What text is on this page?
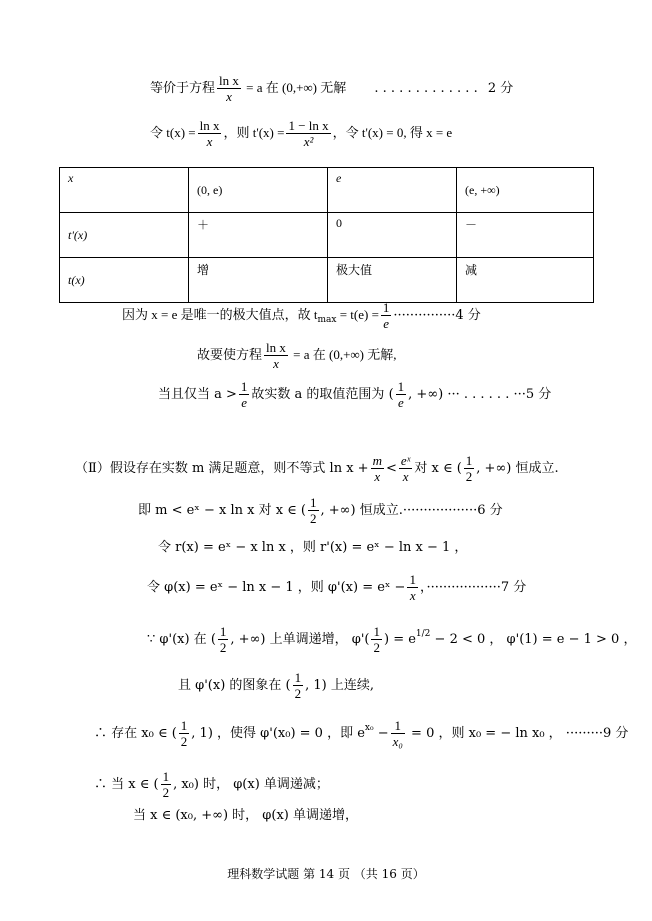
等价于方程 $\frac{\text{ln x}}{x} = a$ 在 (0,+∞) 无解 . . . . . . . . . . . . . 2 分
令 $t(x) = \frac{\text{ln x}}{x}$ ，则 $t'(x) = \frac{\text{1 − ln x}}{\text{x²}}$ ，令 t'(x) = 0, 得 x = e
x	(0, e)	e	(e, +∞)
t'(x)	＋	0	－
t(x)	增	极大值	减
因为 x = e 是唯一的极大值点，故 $t_{max} = t(e) = \frac{1}{e} \cdot\cdot\cdot\cdot\cdot\cdot\cdot\cdot\cdot\cdot\cdot\cdot\cdot\cdot\cdot 4$ 分
故要使方程 $\frac{\text{ln x}}{x} = a$ 在 (0,+∞) 无解,
当且仅当 $a > \frac{1}{e}$ 故实数 a 的取值范围为 ( $\frac{1}{e}$ , +∞) ··· . . . . . . ···5 分
（Ⅱ）假设存在实数 m 满足题意，则不等式 $\ln x + \frac{m}{x} < \frac{\text{eˣ}}{x}$ 对 x ∈ ( $\frac{1}{2}$ , +∞) 恒成立.
即 m < eˣ − x ln x 对 x ∈ ( $\frac{1}{2}$ , +∞) 恒成立.··················6 分
令 r(x) = eˣ − x ln x ，则 r'(x) = eˣ − ln x − 1 ，
令 φ(x) = eˣ − ln x − 1 ，则 φ'(x) = eˣ − $\frac{1}{x}$ ，··················7 分
∵ φ'(x) 在 ( $\frac{1}{2}$ , +∞) 上单调递增， $\varphi'( \frac{1}{2}$ ) = $e^{1/2} - 2 < 0$ ， φ'(1) = e − 1 > 0 ，
且 φ'(x) 的图象在 ( $\frac{1}{2}$ , 1) 上连续,
∴ 存在 x₀ ∈ ( $\frac{1}{2}$ , 1) ，使得 φ'(x₀) = 0 ，即 $e^{x_0} - \frac{1}{\text{x₀}} = 0$ ，则 x₀ = − ln x₀ ， ·········9 分
∴ 当 x ∈ ( $\frac{1}{2}$ , x₀) 时， φ(x) 单调递减；
当 x ∈ (x₀, +∞) 时， φ(x) 单调递增，
理科数学试题 第 14 页 （共 16 页）
